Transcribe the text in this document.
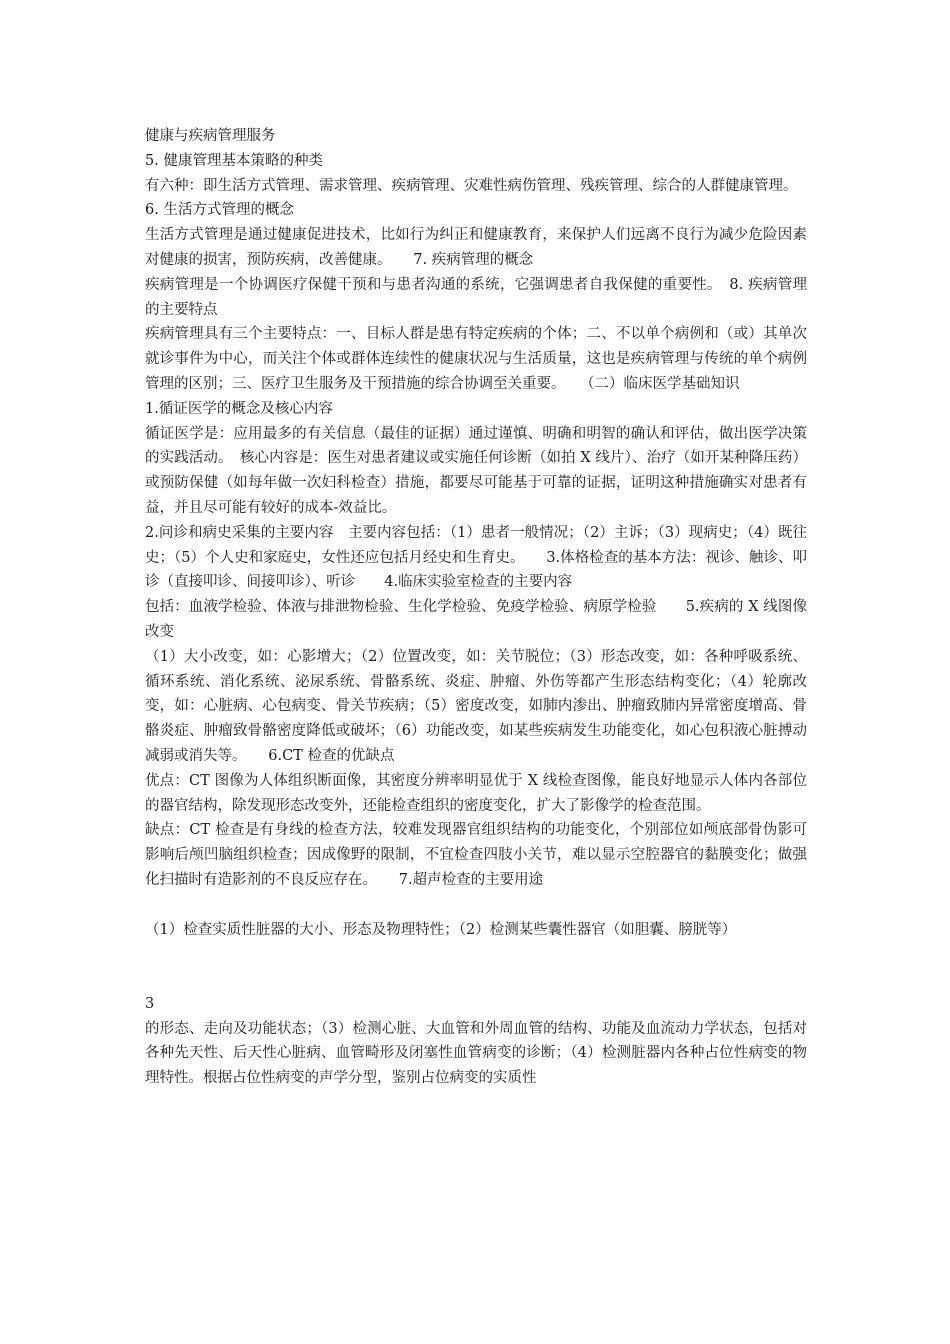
健康与疾病管理服务

5. 健康管理基本策略的种类

有六种：即生活方式管理、需求管理、疾病管理、灾难性病伤管理、残疾管理、综合的人群健康管理。

6. 生活方式管理的概念

生活方式管理是通过健康促进技术，比如行为纠正和健康教育，来保护人们远离不良行为减少危险因素对健康的损害，预防疾病，改善健康。　　7. 疾病管理的概念

疾病管理是一个协调医疗保健干预和与患者沟通的系统，它强调患者自我保健的重要性。　8. 疾病管理的主要特点

疾病管理具有三个主要特点：一、目标人群是患有特定疾病的个体；二、不以单个病例和（或）其单次就诊事件为中心，而关注个体或群体连续性的健康状况与生活质量，这也是疾病管理与传统的单个病例管理的区别；三、医疗卫生服务及干预措施的综合协调至关重要。　　（二）临床医学基础知识

1.循证医学的概念及核心内容

循证医学是：应用最多的有关信息（最佳的证据）通过谨慎、明确和明智的确认和评估，做出医学决策的实践活动。　核心内容是：医生对患者建议或实施任何诊断（如拍 X 线片）、治疗（如开某种降压药）或预防保健（如每年做一次妇科检查）措施，都要尽可能基于可靠的证据，证明这种措施确实对患者有益，并且尽可能有较好的成本-效益比。

2.问诊和病史采集的主要内容　主要内容包括：（1）患者一般情况；（2）主诉；（3）现病史；（4）既往史；（5）个人史和家庭史，女性还应包括月经史和生育史。　　3.体格检查的基本方法：视诊、触诊、叩诊（直接叩诊、间接叩诊）、听诊　　4.临床实验室检查的主要内容

包括：血液学检验、体液与排泄物检验、生化学检验、免疫学检验、病原学检验　　5.疾病的 X 线图像改变

（1）大小改变，如：心影增大；（2）位置改变，如：关节脱位；（3）形态改变，如：各种呼吸系统、循环系统、消化系统、泌尿系统、骨骼系统、炎症、肿瘤、外伤等都产生形态结构变化；（4）轮廓改变，如：心脏病、心包病变、骨关节疾病；（5）密度改变，如肺内渗出、肿瘤致肺内异常密度增高、骨骼炎症、肿瘤致骨骼密度降低或破坏；（6）功能改变，如某些疾病发生功能变化，如心包积液心脏搏动减弱或消失等。　　6.CT 检查的优缺点

优点：CT 图像为人体组织断面像，其密度分辨率明显优于 X 线检查图像，能良好地显示人体内各部位的器官结构，除发现形态改变外，还能检查组织的密度变化，扩大了影像学的检查范围。

缺点：CT 检查是有身线的检查方法，较难发现器官组织结构的功能变化，个别部位如颅底部骨伪影可影响后颅凹脑组织检查；因成像野的限制，不宜检查四肢小关节，难以显示空腔器官的黏膜变化；做强化扫描时有造影剂的不良反应存在。　　7.超声检查的主要用途

（1）检查实质性脏器的大小、形态及物理特性；（2）检测某些囊性器官（如胆囊、膀胱等）

3

的形态、走向及功能状态；（3）检测心脏、大血管和外周血管的结构、功能及血流动力学状态，包括对各种先天性、后天性心脏病、血管畸形及闭塞性血管病变的诊断；（4）检测脏器内各种占位性病变的物理特性。根据占位性病变的声学分型，鉴别占位病变的实质性
